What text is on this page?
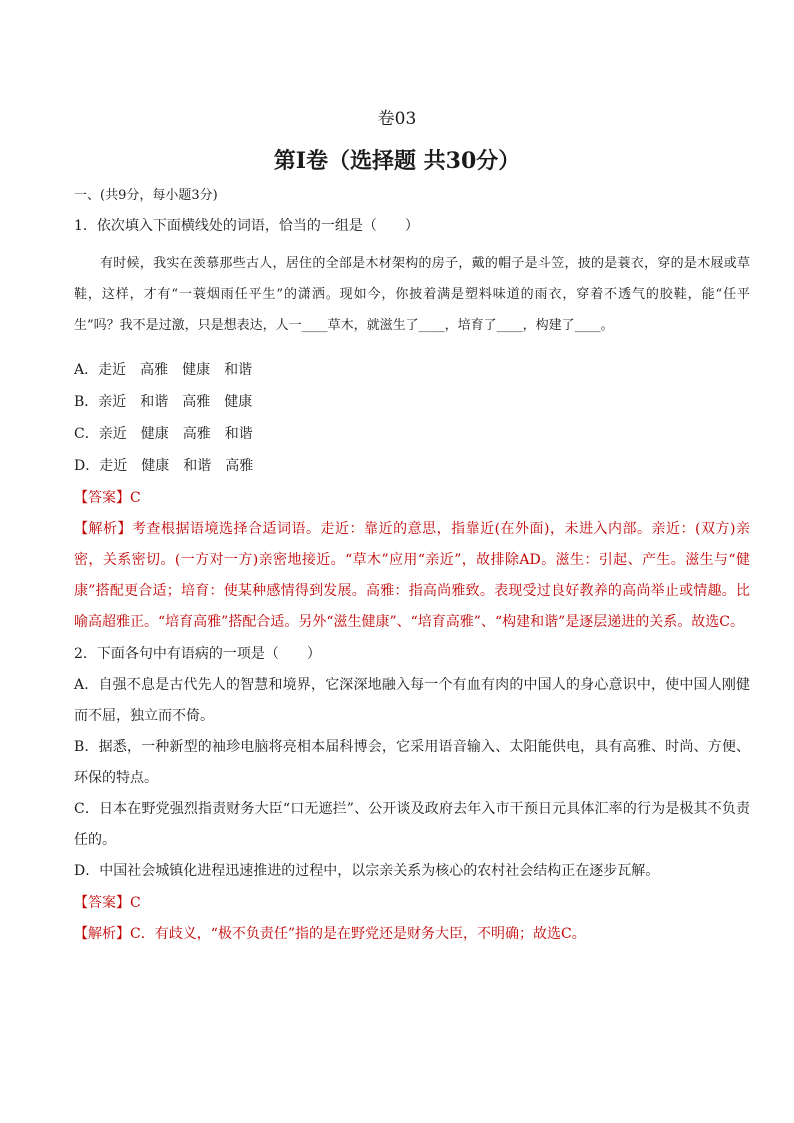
卷03
第I卷（选择题 共30分）

一、(共9分，每小题3分)

1．依次填入下面横线处的词语，恰当的一组是（　　）

有时候，我实在羡慕那些古人，居住的全部是木材架构的房子，戴的帽子是斗笠，披的是蓑衣，穿的是木屐或草鞋，这样，才有“一蓑烟雨任平生”的潇洒。现如今，你披着满是塑料味道的雨衣，穿着不透气的胶鞋，能“任平生”吗？我不是过激，只是想表达，人一____草木，就滋生了____，培育了____，构建了____。

A．走近 高雅 健康 和谐

B．亲近 和谐 高雅 健康

C．亲近 健康 高雅 和谐

D．走近 健康 和谐 高雅

【答案】C

【解析】考查根据语境选择合适词语。走近：靠近的意思，指靠近(在外面)，未进入内部。亲近：(双方)亲密，关系密切。(一方对一方)亲密地接近。“草木”应用“亲近”，故排除AD。滋生：引起、产生。滋生与“健康”搭配更合适；培育：使某种感情得到发展。高雅：指高尚雅致。表现受过良好教养的高尚举止或情趣。比喻高超雅正。“培育高雅”搭配合适。另外“滋生健康”、“培育高雅”、“构建和谐”是逐层递进的关系。故选C。

2．下面各句中有语病的一项是（　　）

A．自强不息是古代先人的智慧和境界，它深深地融入每一个有血有肉的中国人的身心意识中，使中国人刚健而不屈，独立而不倚。

B．据悉，一种新型的袖珍电脑将亮相本届科博会，它采用语音输入、太阳能供电，具有高雅、时尚、方便、环保的特点。

C．日本在野党强烈指责财务大臣“口无遮拦”、公开谈及政府去年入市干预日元具体汇率的行为是极其不负责任的。

D．中国社会城镇化进程迅速推进的过程中，以宗亲关系为核心的农村社会结构正在逐步瓦解。

【答案】C

【解析】C．有歧义，“极不负责任”指的是在野党还是财务大臣，不明确；故选C。
